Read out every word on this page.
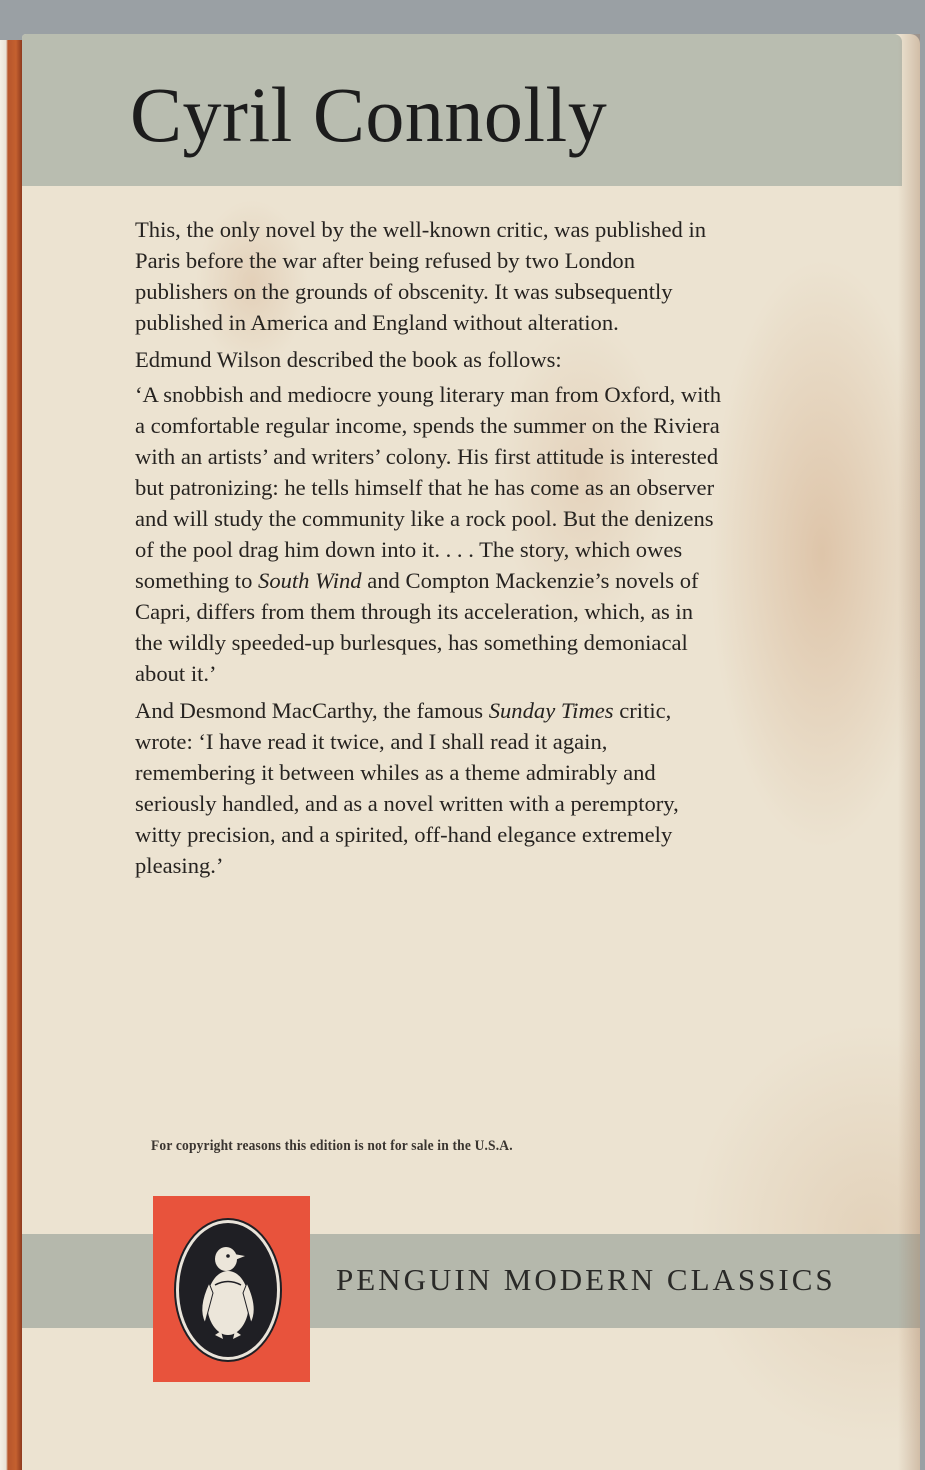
Cyril Connolly

This, the only novel by the well-known critic, was published in Paris before the war after being refused by two London publishers on the grounds of obscenity. It was subsequently published in America and England without alteration.

Edmund Wilson described the book as follows:

‘A snobbish and mediocre young literary man from Oxford, with a comfortable regular income, spends the summer on the Riviera with an artists’ and writers’ colony. His first attitude is interested but patronizing: he tells himself that he has come as an observer and will study the community like a rock pool. But the denizens of the pool drag him down into it. . . . The story, which owes something to South Wind and Compton Mackenzie’s novels of Capri, differs from them through its acceleration, which, as in the wildly speeded-up burlesques, has something demoniacal about it.’

And Desmond MacCarthy, the famous Sunday Times critic, wrote: ‘I have read it twice, and I shall read it again, remembering it between whiles as a theme admirably and seriously handled, and as a novel written with a peremptory, witty precision, and a spirited, off-hand elegance extremely pleasing.’

For copyright reasons this edition is not for sale in the U.S.A.
PENGUIN MODERN CLASSICS
